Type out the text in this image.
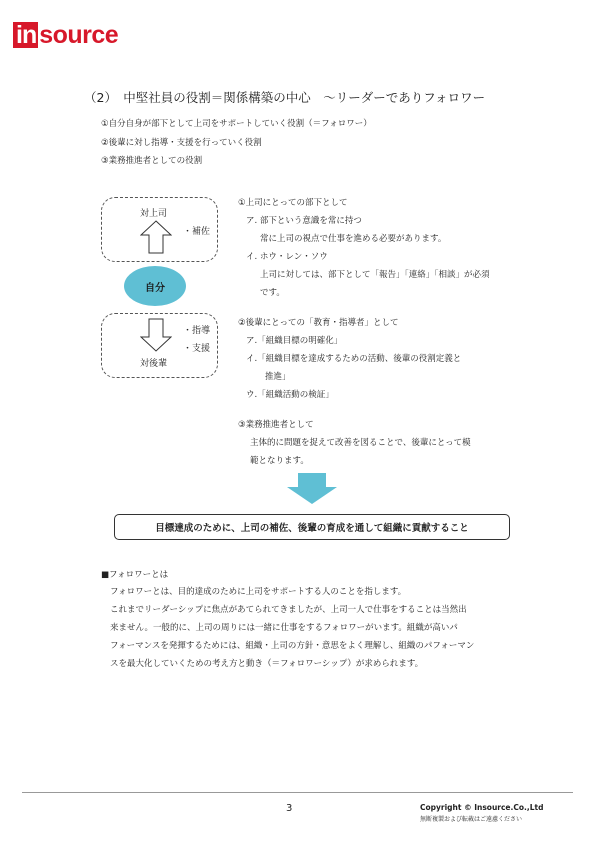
in source
（2）　中堅社員の役割＝関係構築の中心　～リーダーでありフォロワー
①自分自身が部下として上司をサポートしていく役割（＝フォロワー）
②後輩に対し指導・支援を行っていく役割
③業務推進者としての役割
対上司
・補佐
自分
・指導
・支援
対後輩
①上司にとっての部下として
ア. 部下という意識を常に持つ
常に上司の視点で仕事を進める必要があります。
イ. ホウ・レン・ソウ
上司に対しては、部下として「報告」「連絡」「相談」が必須
です。
②後輩にとっての「教育・指導者」として
ア.「組織目標の明確化」
イ.「組織目標を達成するための活動、後輩の役割定義と
推進」
ウ.「組織活動の検証」
③業務推進者として
主体的に問題を捉えて改善を図ることで、後輩にとって模
範となります。
目標達成のために、上司の補佐、後輩の育成を通して組織に貢献すること
■フォロワーとは
フォロワーとは、目的達成のために上司をサポートする人のことを指します。
これまでリーダーシップに焦点があてられてきましたが、上司一人で仕事をすることは当然出
来ません。一般的に、上司の周りには一緒に仕事をするフォロワーがいます。組織が高いパ
フォーマンスを発揮するためには、組織・上司の方針・意思をよく理解し、組織のパフォーマン
スを最大化していくための考え方と動き（＝フォロワーシップ）が求められます。
3	Copyright © Insource.Co.,Ltd
無断複製および転載はご遠慮ください
